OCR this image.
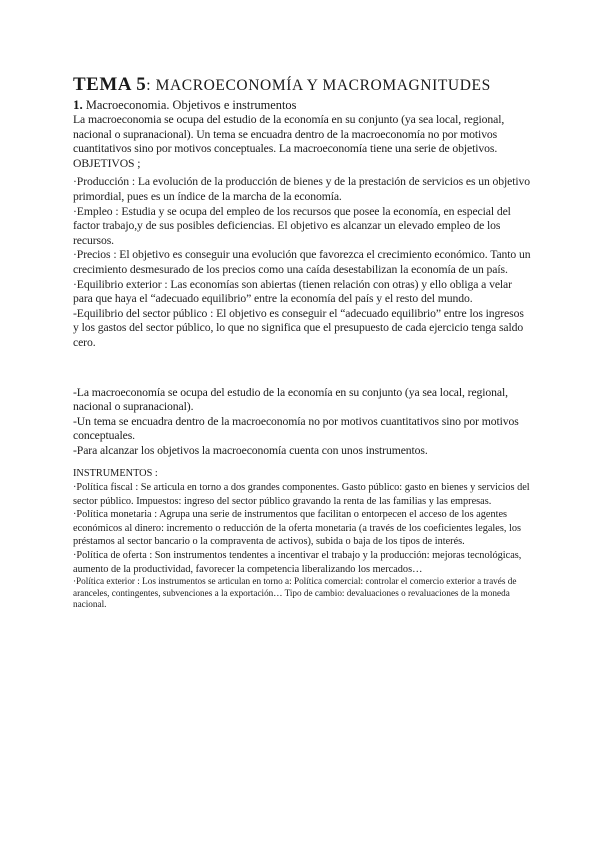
TEMA 5: MACROECONOMÍA Y MACROMAGNITUDES
1. Macroeconomia. Objetivos e instrumentos

La macroeconomia se ocupa del estudio de la economía en su conjunto (ya sea local, regional, nacional o supranacional). Un tema se encuadra dentro de la macroeconomía no por motivos cuantitativos sino por motivos conceptuales. La macroeconomía tiene una serie de objetivos.

OBJETIVOS ;

·Producción : La evolución de la producción de bienes y de la prestación de servicios es un objetivo primordial, pues es un índice de la marcha de la economía.

·Empleo : Estudia y se ocupa del empleo de los recursos que posee la economía, en especial del factor trabajo,y de sus posibles deficiencias. El objetivo es alcanzar un elevado empleo de los recursos.

·Precios : El objetivo es conseguir una evolución que favorezca el crecimiento económico. Tanto un crecimiento desmesurado de los precios como una caída desestabilizan la economía de un país.

·Equilibrio exterior : Las economías son abiertas (tienen relación con otras) y ello obliga a velar para que haya el “adecuado equilibrio” entre la economía del país y el resto del mundo.

-Equilibrio del sector público : El objetivo es conseguir el “adecuado equilibrio” entre los ingresos y los gastos del sector público, lo que no significa que el presupuesto de cada ejercicio tenga saldo cero.

-La macroeconomía se ocupa del estudio de la economía en su conjunto (ya sea local, regional, nacional o supranacional).

-Un tema se encuadra dentro de la macroeconomía no por motivos cuantitativos sino por motivos conceptuales.

-Para alcanzar los objetivos la macroeconomía cuenta con unos instrumentos.

INSTRUMENTOS :

·Política fiscal : Se articula en torno a dos grandes componentes. Gasto público: gasto en bienes y servicios del sector público. Impuestos: ingreso del sector público gravando la renta de las familias y las empresas.

·Política monetaria : Agrupa una serie de instrumentos que facilitan o entorpecen el acceso de los agentes económicos al dinero: incremento o reducción de la oferta monetaria (a través de los coeficientes legales, los préstamos al sector bancario o la compraventa de activos), subida o baja de los tipos de interés.

·Política de oferta : Son instrumentos tendentes a incentivar el trabajo y la producción: mejoras tecnológicas, aumento de la productividad, favorecer la competencia liberalizando los mercados…

·Política exterior : Los instrumentos se articulan en torno a: Política comercial: controlar el comercio exterior a través de aranceles, contingentes, subvenciones a la exportación… Tipo de cambio: devaluaciones o revaluaciones de la moneda nacional.
